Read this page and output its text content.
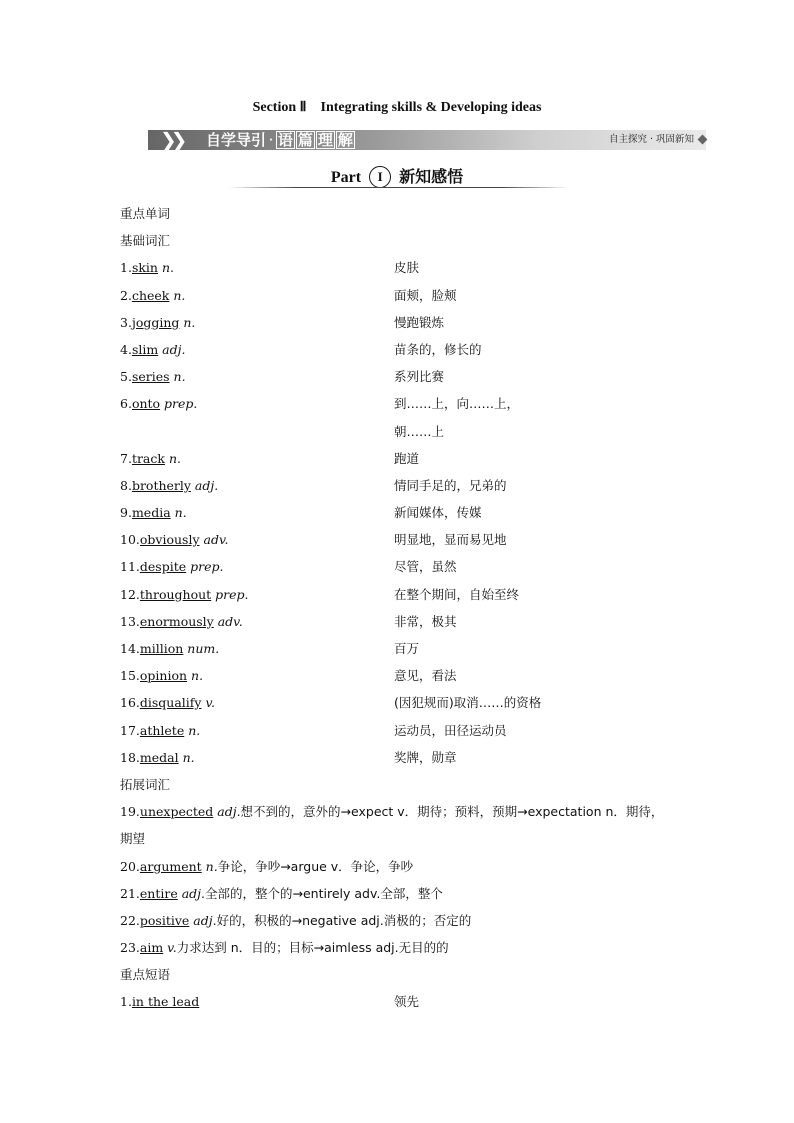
Section Ⅱ　Integrating skills & Developing ideas
❯❯	自学导引 · 语 篇 理 解	自主探究 · 巩固新知
Part I 新知感悟
重点单词
基础词汇
1.skin n.	皮肤
2.cheek n.	面颊，脸颊
3.jogging n.	慢跑锻炼
4.slim adj.	苗条的，修长的
5.series n.	系列比赛
6.onto prep.	到……上，向……上，
朝……上
7.track n.	跑道
8.brotherly adj.	情同手足的，兄弟的
9.media n.	新闻媒体，传媒
10.obviously adv.	明显地，显而易见地
11.despite prep.	尽管，虽然
12.throughout prep.	在整个期间，自始至终
13.enormously adv.	非常，极其
14.million num.	百万
15.opinion n.	意见，看法
16.disqualify v.	(因犯规而)取消……的资格
17.athlete n.	运动员，田径运动员
18.medal n.	奖牌，勋章
拓展词汇
19.unexpected adj.想不到的，意外的→expect v．期待；预料，预期→expectation n．期待，
期望
20.argument n.争论，争吵→argue v．争论，争吵
21.entire adj.全部的，整个的→entirely adv.全部，整个
22.positive adj.好的，积极的→negative adj.消极的；否定的
23.aim v.力求达到 n．目的；目标→aimless adj.无目的的
重点短语
1.in the lead	领先
